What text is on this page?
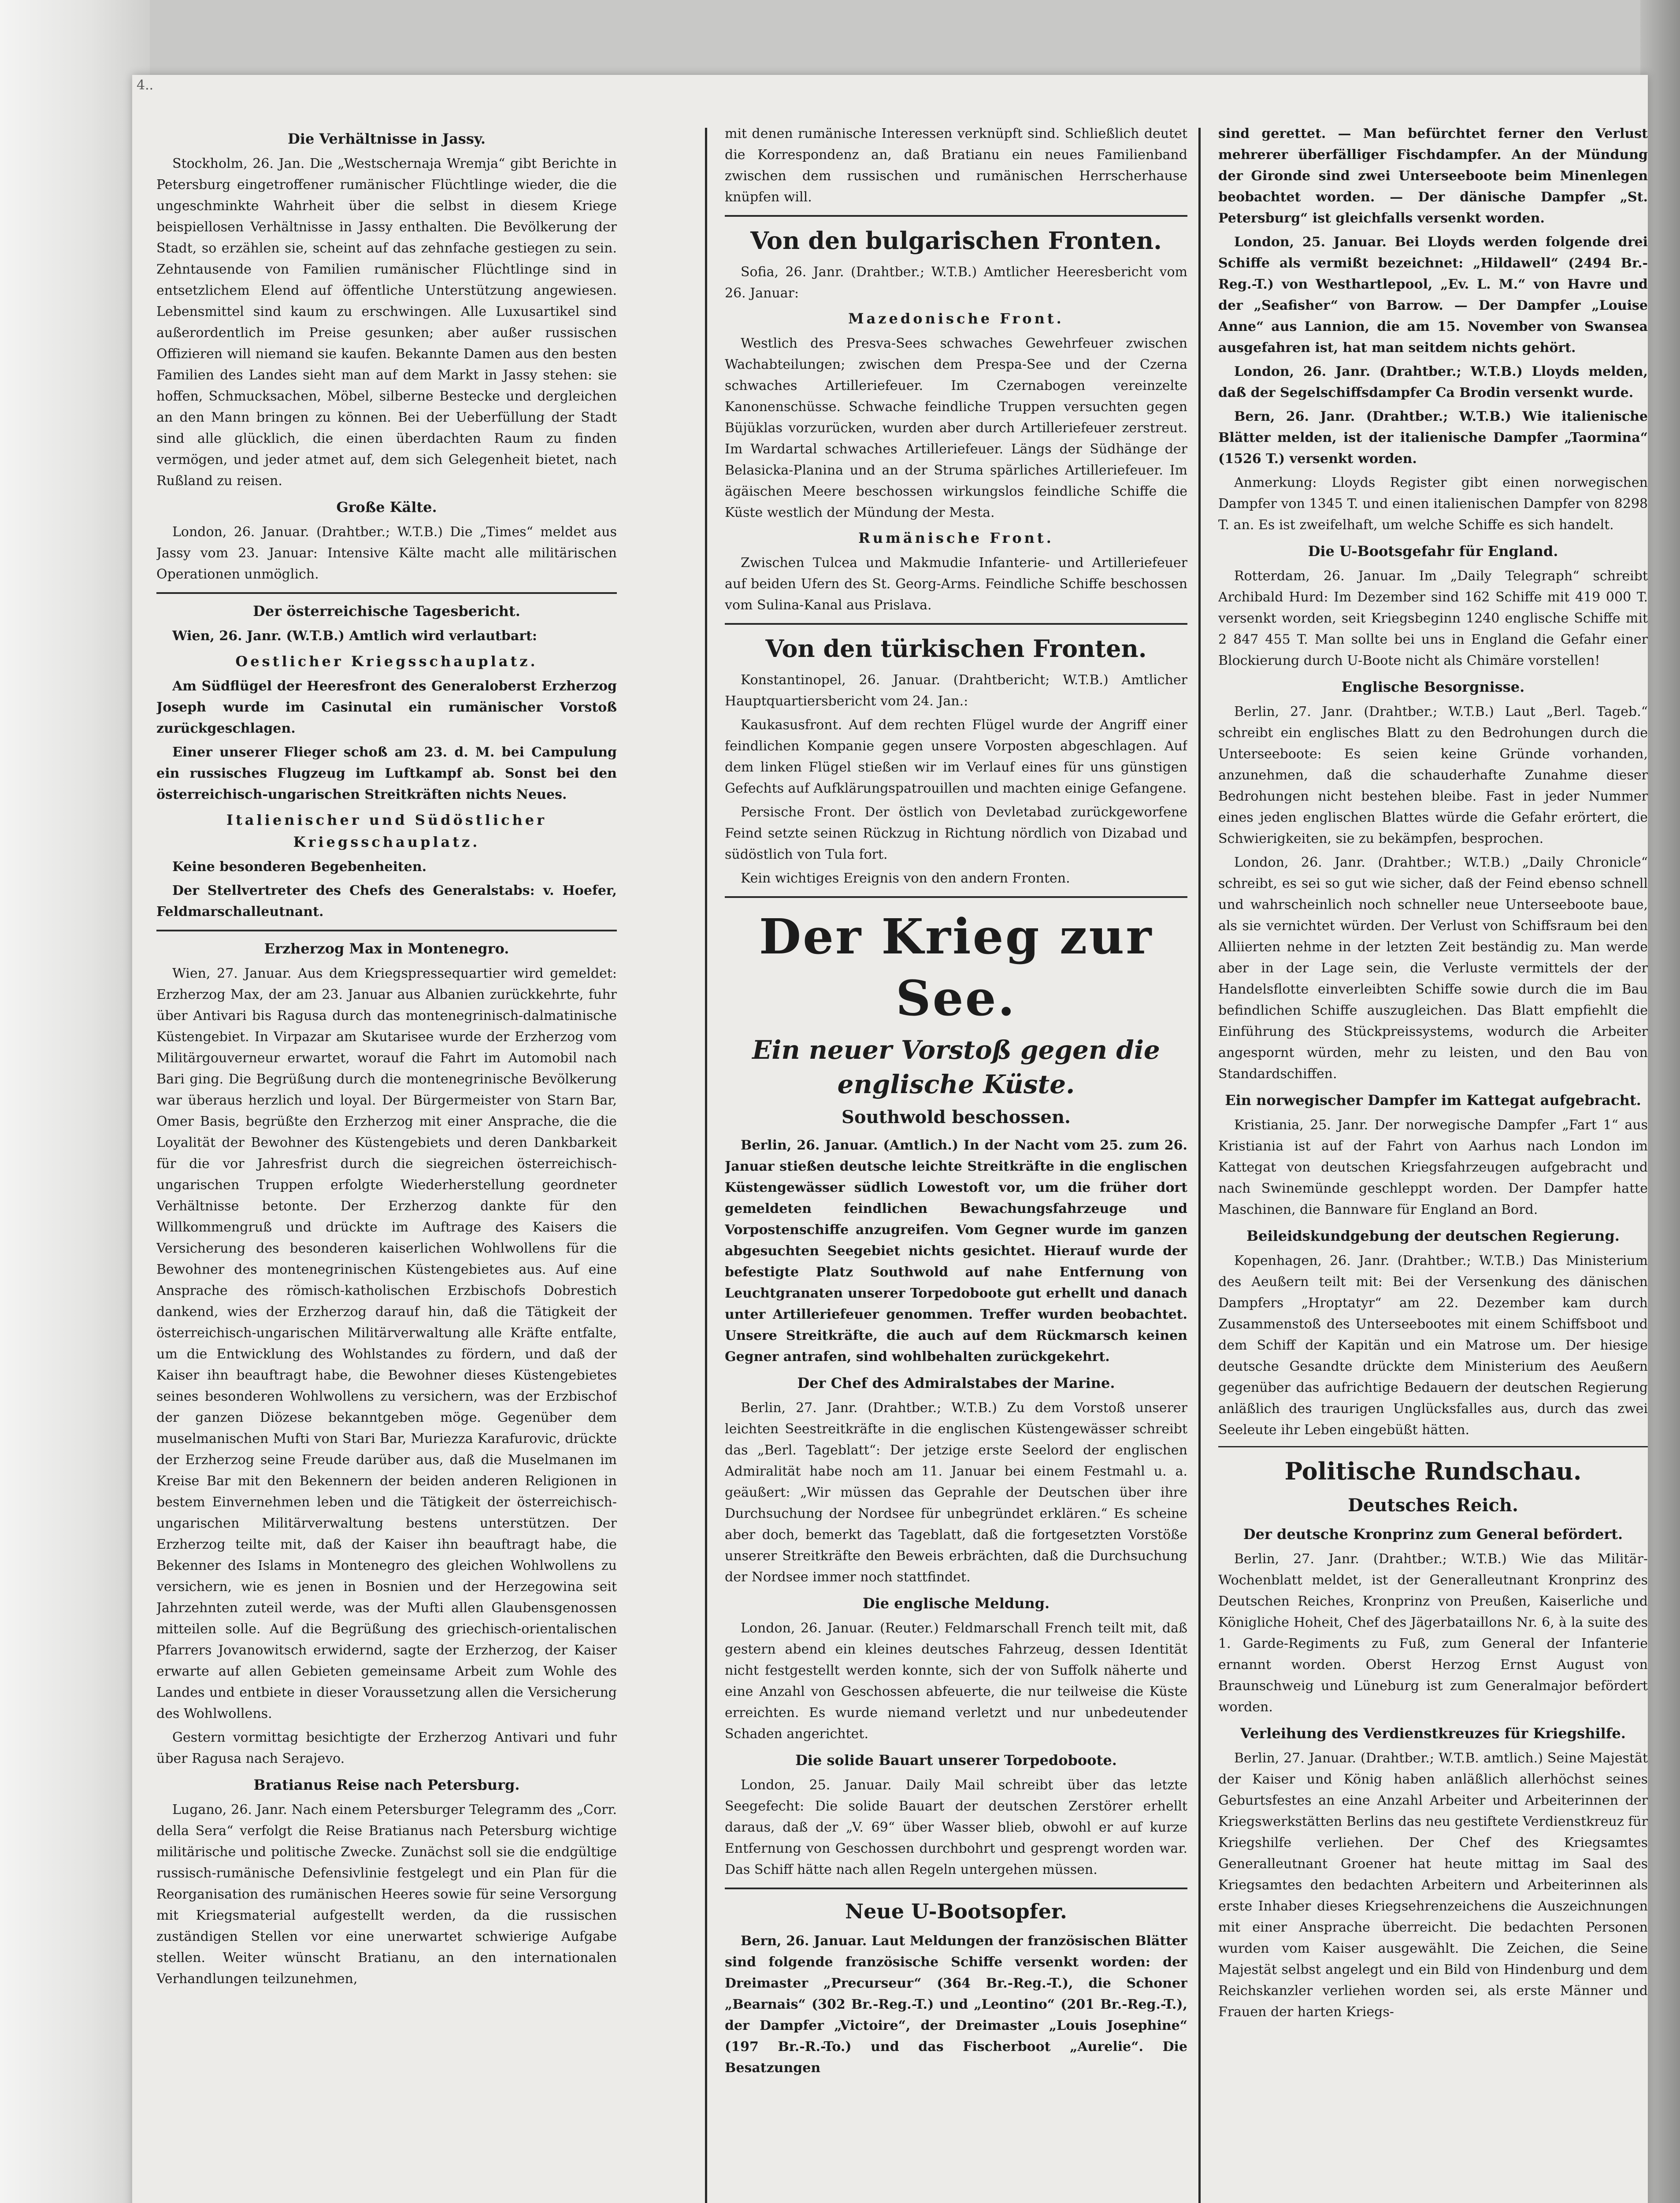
4..
Die Verhältnisse in Jassy.

Stockholm, 26. Jan. Die „Westschernaja Wremja“ gibt Berichte in Petersburg eingetroffener rumänischer Flüchtlinge wieder, die die ungeschminkte Wahrheit über die selbst in diesem Kriege beispiellosen Verhältnisse in Jassy enthalten. Die Bevölkerung der Stadt, so erzählen sie, scheint auf das zehnfache gestiegen zu sein. Zehntausende von Familien rumänischer Flüchtlinge sind in entsetzlichem Elend auf öffentliche Unterstützung angewiesen. Lebensmittel sind kaum zu erschwingen. Alle Luxusartikel sind außerordentlich im Preise gesunken; aber außer russischen Offizieren will niemand sie kaufen. Bekannte Damen aus den besten Familien des Landes sieht man auf dem Markt in Jassy stehen: sie hoffen, Schmucksachen, Möbel, silberne Bestecke und dergleichen an den Mann bringen zu können. Bei der Ueberfüllung der Stadt sind alle glücklich, die einen überdachten Raum zu finden vermögen, und jeder atmet auf, dem sich Gelegenheit bietet, nach Rußland zu reisen.

Große Kälte.

London, 26. Januar. (Drahtber.; W.T.B.) Die „Times“ meldet aus Jassy vom 23. Januar: Intensive Kälte macht alle militärischen Operationen unmöglich.

Der österreichische Tagesbericht.

Wien, 26. Janr. (W.T.B.) Amtlich wird verlautbart:

Oestlicher Kriegsschauplatz.

Am Südflügel der Heeresfront des Generaloberst Erzherzog Joseph wurde im Casinutal ein rumänischer Vorstoß zurückgeschlagen.

Einer unserer Flieger schoß am 23. d. M. bei Campulung ein russisches Flugzeug im Luftkampf ab. Sonst bei den österreichisch-ungarischen Streitkräften nichts Neues.

Italienischer und Südöstlicher Kriegsschauplatz.

Keine besonderen Begebenheiten.

Der Stellvertreter des Chefs des Generalstabs: v. Hoefer, Feldmarschalleutnant.

Erzherzog Max in Montenegro.

Wien, 27. Januar. Aus dem Kriegspressequartier wird gemeldet: Erzherzog Max, der am 23. Januar aus Albanien zurückkehrte, fuhr über Antivari bis Ragusa durch das montenegrinisch-dalmatinische Küstengebiet. In Virpazar am Skutarisee wurde der Erzherzog vom Militärgouverneur erwartet, worauf die Fahrt im Automobil nach Bari ging. Die Begrüßung durch die montenegrinische Bevölkerung war überaus herzlich und loyal. Der Bürgermeister von Starn Bar, Omer Basis, begrüßte den Erzherzog mit einer Ansprache, die die Loyalität der Bewohner des Küstengebiets und deren Dankbarkeit für die vor Jahresfrist durch die siegreichen österreichisch-ungarischen Truppen erfolgte Wiederherstellung geordneter Verhältnisse betonte. Der Erzherzog dankte für den Willkommengruß und drückte im Auftrage des Kaisers die Versicherung des besonderen kaiserlichen Wohlwollens für die Bewohner des montenegrinischen Küstengebietes aus. Auf eine Ansprache des römisch-katholischen Erzbischofs Dobrestich dankend, wies der Erzherzog darauf hin, daß die Tätigkeit der österreichisch-ungarischen Militärverwaltung alle Kräfte entfalte, um die Entwicklung des Wohlstandes zu fördern, und daß der Kaiser ihn beauftragt habe, die Bewohner dieses Küstengebietes seines besonderen Wohlwollens zu versichern, was der Erzbischof der ganzen Diözese bekanntgeben möge. Gegenüber dem muselmanischen Mufti von Stari Bar, Muriezza Karafurovic, drückte der Erzherzog seine Freude darüber aus, daß die Muselmanen im Kreise Bar mit den Bekennern der beiden anderen Religionen in bestem Einvernehmen leben und die Tätigkeit der österreichisch-ungarischen Militärverwaltung bestens unterstützen. Der Erzherzog teilte mit, daß der Kaiser ihn beauftragt habe, die Bekenner des Islams in Montenegro des gleichen Wohlwollens zu versichern, wie es jenen in Bosnien und der Herzegowina seit Jahrzehnten zuteil werde, was der Mufti allen Glaubensgenossen mitteilen solle. Auf die Begrüßung des griechisch-orientalischen Pfarrers Jovanowitsch erwidernd, sagte der Erzherzog, der Kaiser erwarte auf allen Gebieten gemeinsame Arbeit zum Wohle des Landes und entbiete in dieser Voraussetzung allen die Versicherung des Wohlwollens.

Gestern vormittag besichtigte der Erzherzog Antivari und fuhr über Ragusa nach Serajevo.

Bratianus Reise nach Petersburg.

Lugano, 26. Janr. Nach einem Petersburger Telegramm des „Corr. della Sera“ verfolgt die Reise Bratianus nach Petersburg wichtige militärische und politische Zwecke. Zunächst soll sie die endgültige russisch-rumänische Defensivlinie festgelegt und ein Plan für die Reorganisation des rumänischen Heeres sowie für seine Versorgung mit Kriegsmaterial aufgestellt werden, da die russischen zuständigen Stellen vor eine unerwartet schwierige Aufgabe stellen. Weiter wünscht Bratianu, an den internationalen Verhandlungen teilzunehmen,

mit denen rumänische Interessen verknüpft sind. Schließlich deutet die Korrespondenz an, daß Bratianu ein neues Familienband zwischen dem russischen und rumänischen Herrscherhause knüpfen will.

Von den bulgarischen Fronten.

Sofia, 26. Janr. (Drahtber.; W.T.B.) Amtlicher Heeresbericht vom 26. Januar:

Mazedonische Front.

Westlich des Presva-Sees schwaches Gewehrfeuer zwischen Wachabteilungen; zwischen dem Prespa-See und der Czerna schwaches Artilleriefeuer. Im Czernabogen vereinzelte Kanonenschüsse. Schwache feindliche Truppen versuchten gegen Büjüklas vorzurücken, wurden aber durch Artilleriefeuer zerstreut. Im Wardartal schwaches Artilleriefeuer. Längs der Südhänge der Belasicka-Planina und an der Struma spärliches Artilleriefeuer. Im ägäischen Meere beschossen wirkungslos feindliche Schiffe die Küste westlich der Mündung der Mesta.

Rumänische Front.

Zwischen Tulcea und Makmudie Infanterie- und Artilleriefeuer auf beiden Ufern des St. Georg-Arms. Feindliche Schiffe beschossen vom Sulina-Kanal aus Prislava.

Von den türkischen Fronten.

Konstantinopel, 26. Januar. (Drahtbericht; W.T.B.) Amtlicher Hauptquartiersbericht vom 24. Jan.:

Kaukasusfront. Auf dem rechten Flügel wurde der Angriff einer feindlichen Kompanie gegen unsere Vorposten abgeschlagen. Auf dem linken Flügel stießen wir im Verlauf eines für uns günstigen Gefechts auf Aufklärungspatrouillen und machten einige Gefangene.

Persische Front. Der östlich von Devletabad zurückgeworfene Feind setzte seinen Rückzug in Richtung nördlich von Dizabad und südöstlich von Tula fort.

Kein wichtiges Ereignis von den andern Fronten.

Der Krieg zur See.
Ein neuer Vorstoß gegen die englische Küste.
Southwold beschossen.

Berlin, 26. Januar. (Amtlich.) In der Nacht vom 25. zum 26. Januar stießen deutsche leichte Streitkräfte in die englischen Küstengewässer südlich Lowestoft vor, um die früher dort gemeldeten feindlichen Bewachungsfahrzeuge und Vorpostenschiffe anzugreifen. Vom Gegner wurde im ganzen abgesuchten Seegebiet nichts gesichtet. Hierauf wurde der befestigte Platz Southwold auf nahe Entfernung von Leuchtgranaten unserer Torpedoboote gut erhellt und danach unter Artilleriefeuer genommen. Treffer wurden beobachtet. Unsere Streitkräfte, die auch auf dem Rückmarsch keinen Gegner antrafen, sind wohlbehalten zurückgekehrt.

Der Chef des Admiralstabes der Marine.

Berlin, 27. Janr. (Drahtber.; W.T.B.) Zu dem Vorstoß unserer leichten Seestreitkräfte in die englischen Küstengewässer schreibt das „Berl. Tageblatt“: Der jetzige erste Seelord der englischen Admiralität habe noch am 11. Januar bei einem Festmahl u. a. geäußert: „Wir müssen das Geprahle der Deutschen über ihre Durchsuchung der Nordsee für unbegründet erklären.“ Es scheine aber doch, bemerkt das Tageblatt, daß die fortgesetzten Vorstöße unserer Streitkräfte den Beweis erbrächten, daß die Durchsuchung der Nordsee immer noch stattfindet.

Die englische Meldung.

London, 26. Januar. (Reuter.) Feldmarschall French teilt mit, daß gestern abend ein kleines deutsches Fahrzeug, dessen Identität nicht festgestellt werden konnte, sich der von Suffolk näherte und eine Anzahl von Geschossen abfeuerte, die nur teilweise die Küste erreichten. Es wurde niemand verletzt und nur unbedeutender Schaden angerichtet.

Die solide Bauart unserer Torpedoboote.

London, 25. Januar. Daily Mail schreibt über das letzte Seegefecht: Die solide Bauart der deutschen Zerstörer erhellt daraus, daß der „V. 69“ über Wasser blieb, obwohl er auf kurze Entfernung von Geschossen durchbohrt und gesprengt worden war. Das Schiff hätte nach allen Regeln untergehen müssen.

Neue U-Bootsopfer.

Bern, 26. Januar. Laut Meldungen der französischen Blätter sind folgende französische Schiffe versenkt worden: der Dreimaster „Precurseur“ (364 Br.-Reg.-T.), die Schoner „Bearnais“ (302 Br.-Reg.-T.) und „Leontino“ (201 Br.-Reg.-T.), der Dampfer „Victoire“, der Dreimaster „Louis Josephine“ (197 Br.-R.-To.) und das Fischerboot „Aurelie“. Die Besatzungen

sind gerettet. — Man befürchtet ferner den Verlust mehrerer überfälliger Fischdampfer. An der Mündung der Gironde sind zwei Unterseeboote beim Minenlegen beobachtet worden. — Der dänische Dampfer „St. Petersburg“ ist gleichfalls versenkt worden.

London, 25. Januar. Bei Lloyds werden folgende drei Schiffe als vermißt bezeichnet: „Hildawell“ (2494 Br.-Reg.-T.) von Westhartlepool, „Ev. L. M.“ von Havre und der „Seafisher“ von Barrow. — Der Dampfer „Louise Anne“ aus Lannion, die am 15. November von Swansea ausgefahren ist, hat man seitdem nichts gehört.

London, 26. Janr. (Drahtber.; W.T.B.) Lloyds melden, daß der Segelschiffsdampfer Ca Brodin versenkt wurde.

Bern, 26. Janr. (Drahtber.; W.T.B.) Wie italienische Blätter melden, ist der italienische Dampfer „Taormina“ (1526 T.) versenkt worden.

Anmerkung: Lloyds Register gibt einen norwegischen Dampfer von 1345 T. und einen italienischen Dampfer von 8298 T. an. Es ist zweifelhaft, um welche Schiffe es sich handelt.

Die U-Bootsgefahr für England.

Rotterdam, 26. Januar. Im „Daily Telegraph“ schreibt Archibald Hurd: Im Dezember sind 162 Schiffe mit 419 000 T. versenkt worden, seit Kriegsbeginn 1240 englische Schiffe mit 2 847 455 T. Man sollte bei uns in England die Gefahr einer Blockierung durch U-Boote nicht als Chimäre vorstellen!

Englische Besorgnisse.

Berlin, 27. Janr. (Drahtber.; W.T.B.) Laut „Berl. Tageb.“ schreibt ein englisches Blatt zu den Bedrohungen durch die Unterseeboote: Es seien keine Gründe vorhanden, anzunehmen, daß die schauderhafte Zunahme dieser Bedrohungen nicht bestehen bleibe. Fast in jeder Nummer eines jeden englischen Blattes würde die Gefahr erörtert, die Schwierigkeiten, sie zu bekämpfen, besprochen.

London, 26. Janr. (Drahtber.; W.T.B.) „Daily Chronicle“ schreibt, es sei so gut wie sicher, daß der Feind ebenso schnell und wahrscheinlich noch schneller neue Unterseeboote baue, als sie vernichtet würden. Der Verlust von Schiffsraum bei den Alliierten nehme in der letzten Zeit beständig zu. Man werde aber in der Lage sein, die Verluste vermittels der der Handelsflotte einverleibten Schiffe sowie durch die im Bau befindlichen Schiffe auszugleichen. Das Blatt empfiehlt die Einführung des Stückpreissystems, wodurch die Arbeiter angespornt würden, mehr zu leisten, und den Bau von Standardschiffen.

Ein norwegischer Dampfer im Kattegat aufgebracht.

Kristiania, 25. Janr. Der norwegische Dampfer „Fart 1“ aus Kristiania ist auf der Fahrt von Aarhus nach London im Kattegat von deutschen Kriegsfahrzeugen aufgebracht und nach Swinemünde geschleppt worden. Der Dampfer hatte Maschinen, die Bannware für England an Bord.

Beileidskundgebung der deutschen Regierung.

Kopenhagen, 26. Janr. (Drahtber.; W.T.B.) Das Ministerium des Aeußern teilt mit: Bei der Versenkung des dänischen Dampfers „Hroptatyr“ am 22. Dezember kam durch Zusammenstoß des Unterseebootes mit einem Schiffsboot und dem Schiff der Kapitän und ein Matrose um. Der hiesige deutsche Gesandte drückte dem Ministerium des Aeußern gegenüber das aufrichtige Bedauern der deutschen Regierung anläßlich des traurigen Unglücksfalles aus, durch das zwei Seeleute ihr Leben eingebüßt hätten.

Politische Rundschau.
Deutsches Reich.
Der deutsche Kronprinz zum General befördert.

Berlin, 27. Janr. (Drahtber.; W.T.B.) Wie das Militär-Wochenblatt meldet, ist der Generalleutnant Kronprinz des Deutschen Reiches, Kronprinz von Preußen, Kaiserliche und Königliche Hoheit, Chef des Jägerbataillons Nr. 6, à la suite des 1. Garde-Regiments zu Fuß, zum General der Infanterie ernannt worden. Oberst Herzog Ernst August von Braunschweig und Lüneburg ist zum Generalmajor befördert worden.

Verleihung des Verdienstkreuzes für Kriegshilfe.

Berlin, 27. Januar. (Drahtber.; W.T.B. amtlich.) Seine Majestät der Kaiser und König haben anläßlich allerhöchst seines Geburtsfestes an eine Anzahl Arbeiter und Arbeiterinnen der Kriegswerkstätten Berlins das neu gestiftete Verdienstkreuz für Kriegshilfe verliehen. Der Chef des Kriegsamtes Generalleutnant Groener hat heute mittag im Saal des Kriegsamtes den bedachten Arbeitern und Arbeiterinnen als erste Inhaber dieses Kriegsehrenzeichens die Auszeichnungen mit einer Ansprache überreicht. Die bedachten Personen wurden vom Kaiser ausgewählt. Die Zeichen, die Seine Majestät selbst angelegt und ein Bild von Hindenburg und dem Reichskanzler verliehen worden sei, als erste Männer und Frauen der harten Kriegs-
